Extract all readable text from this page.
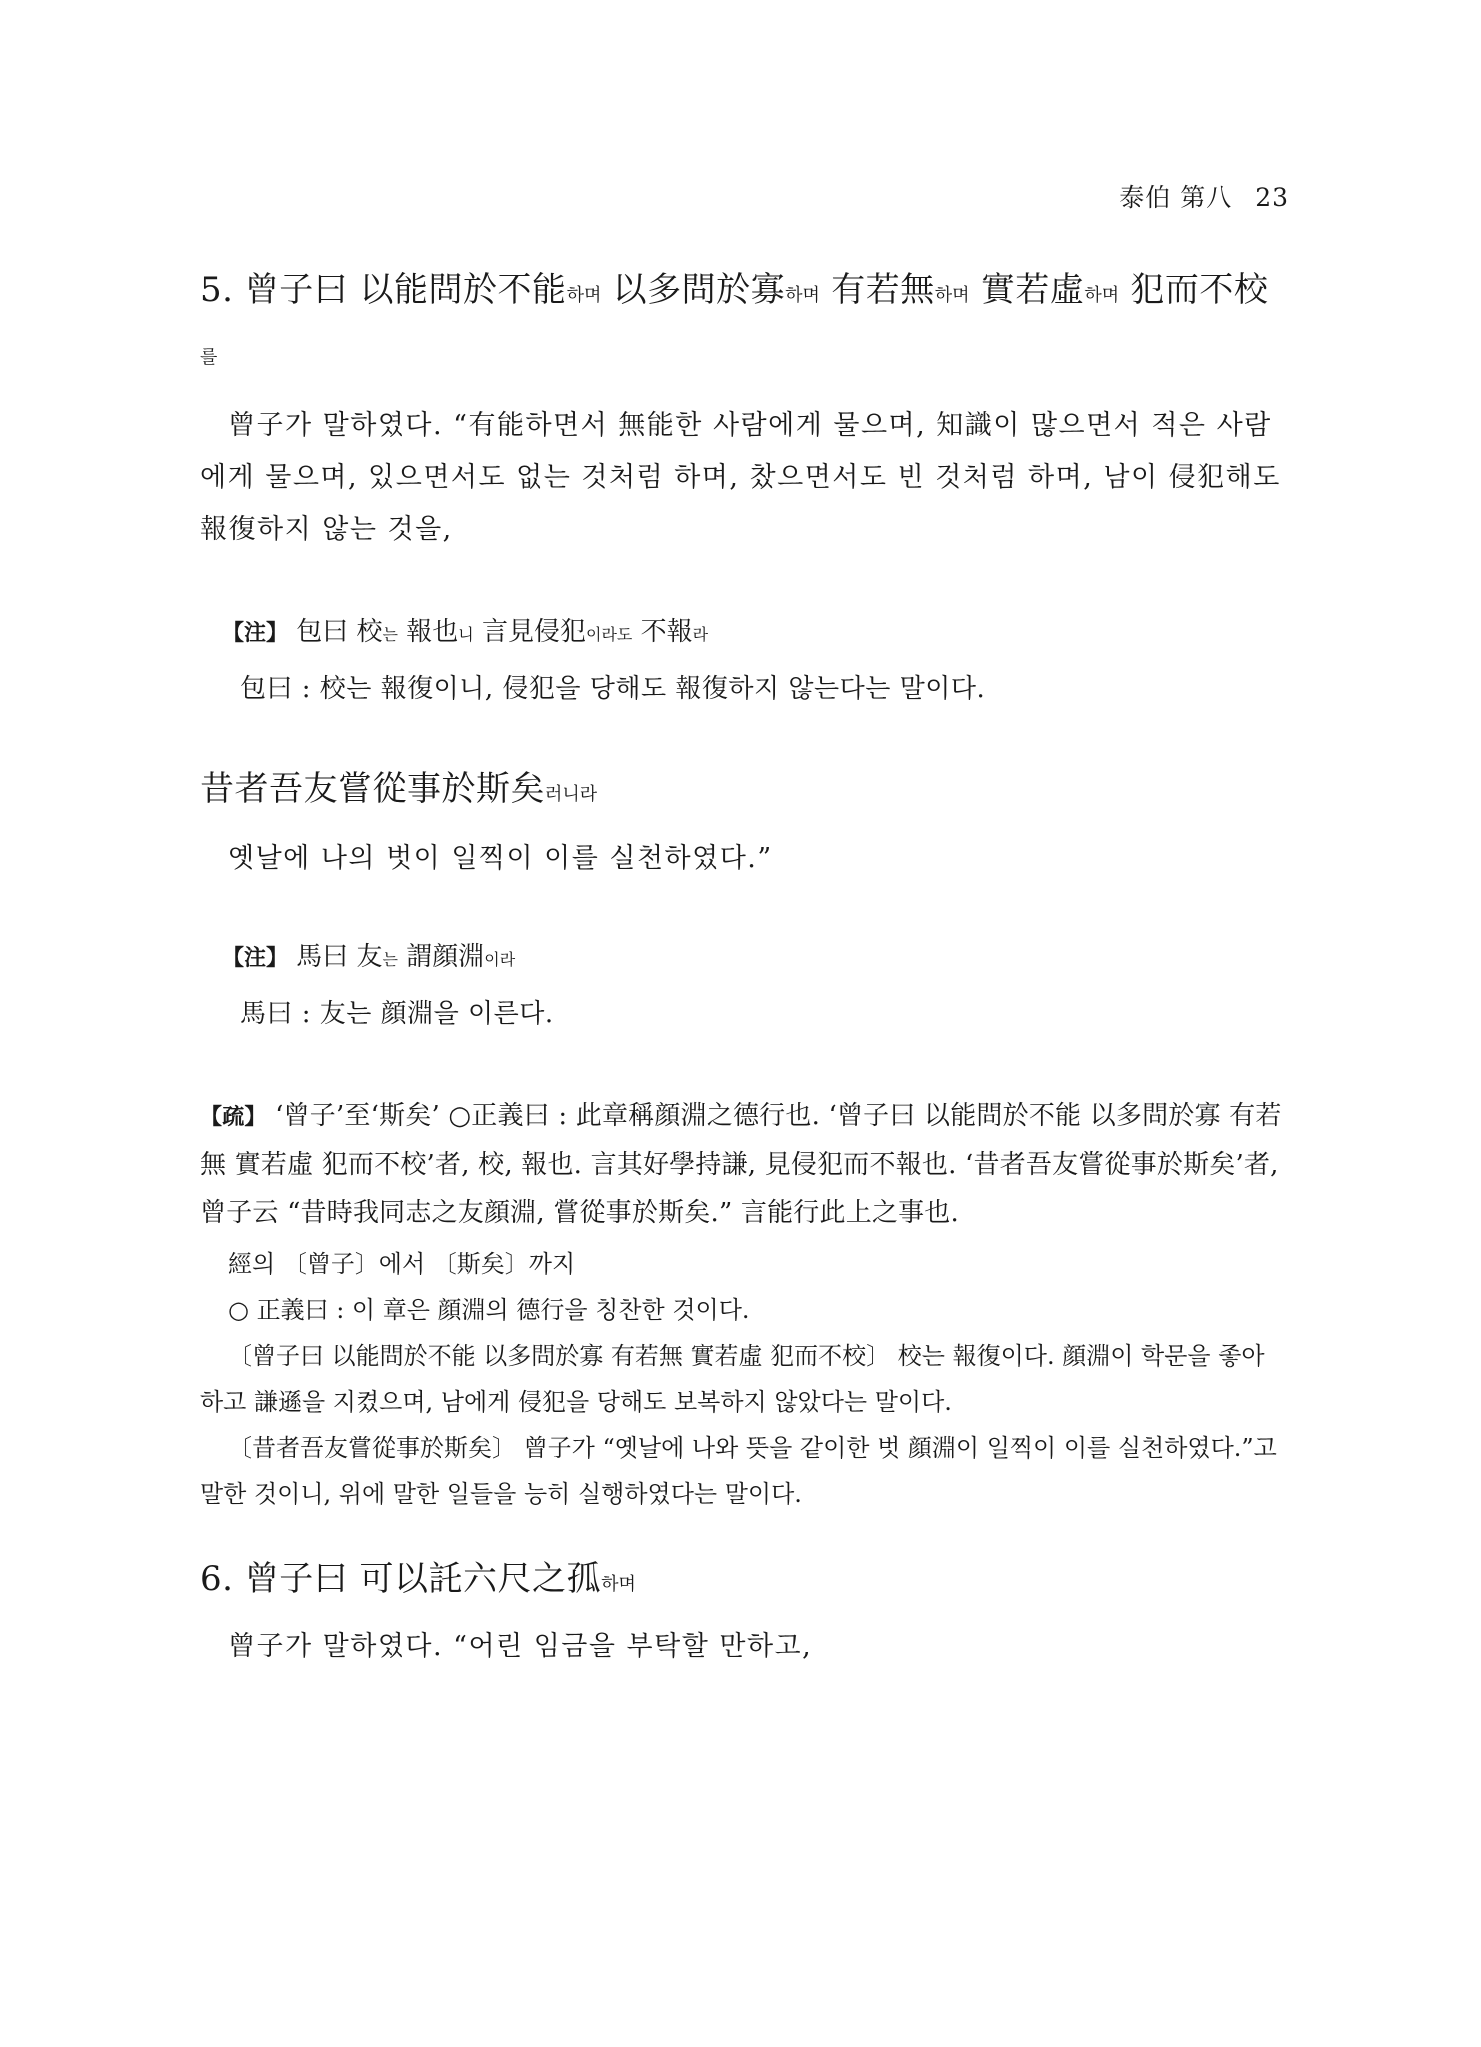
泰伯 第八 23

5. 曾子曰 以能問於不能하며 以多問於寡하며 有若無하며 實若虛하며 犯而不校를

曾子가 말하였다. “有能하면서 無能한 사람에게 물으며, 知識이 많으면서 적은 사람에게 물으며, 있으면서도 없는 것처럼 하며, 찼으면서도 빈 것처럼 하며, 남이 侵犯해도 報復하지 않는 것을,

【注】 包曰 校는 報也니 言見侵犯이라도 不報라

包曰 : 校는 報復이니, 侵犯을 당해도 報復하지 않는다는 말이다.

昔者吾友嘗從事於斯矣러니라

옛날에 나의 벗이 일찍이 이를 실천하였다.”

【注】 馬曰 友는 謂顔淵이라

馬曰 : 友는 顔淵을 이른다.

【疏】 ‘曾子’至‘斯矣’ ○正義曰 : 此章稱顔淵之德行也. ‘曾子曰 以能問於不能 以多問於寡 有若無 實若虛 犯而不校’者, 校, 報也. 言其好學持謙, 見侵犯而不報也. ‘昔者吾友嘗從事於斯矣’者, 曾子云 “昔時我同志之友顔淵, 嘗從事於斯矣.” 言能行此上之事也.

經의 〔曾子〕에서 〔斯矣〕까지

○ 正義曰 : 이 章은 顔淵의 德行을 칭찬한 것이다.

〔曾子曰 以能問於不能 以多問於寡 有若無 實若虛 犯而不校〕 校는 報復이다. 顔淵이 학문을 좋아하고 謙遜을 지켰으며, 남에게 侵犯을 당해도 보복하지 않았다는 말이다.

〔昔者吾友嘗從事於斯矣〕 曾子가 “옛날에 나와 뜻을 같이한 벗 顔淵이 일찍이 이를 실천하였다.”고 말한 것이니, 위에 말한 일들을 능히 실행하였다는 말이다.

6. 曾子曰 可以託六尺之孤하며

曾子가 말하였다. “어린 임금을 부탁할 만하고,
